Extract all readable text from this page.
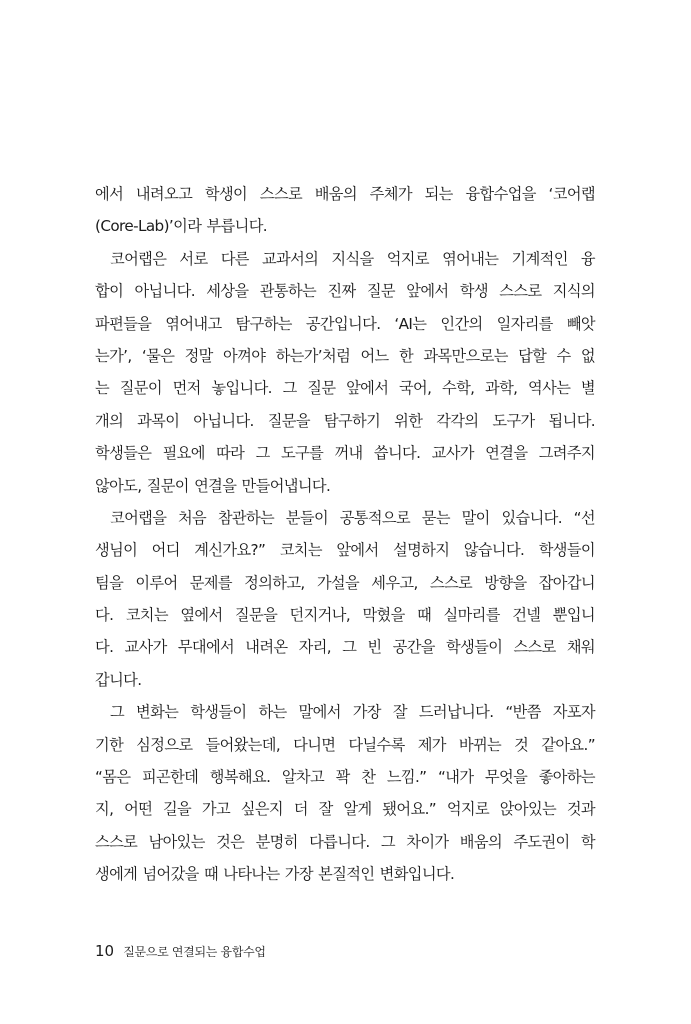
에서 내려오고 학생이 스스로 배움의 주체가 되는 융합수업을 ‘코어랩
(Core-Lab)’이라 부릅니다.
코어랩은 서로 다른 교과서의 지식을 억지로 엮어내는 기계적인 융
합이 아닙니다. 세상을 관통하는 진짜 질문 앞에서 학생 스스로 지식의
파편들을 엮어내고 탐구하는 공간입니다. ‘AI는 인간의 일자리를 빼앗
는가’, ‘물은 정말 아껴야 하는가’처럼 어느 한 과목만으로는 답할 수 없
는 질문이 먼저 놓입니다. 그 질문 앞에서 국어, 수학, 과학, 역사는 별
개의 과목이 아닙니다. 질문을 탐구하기 위한 각각의 도구가 됩니다.
학생들은 필요에 따라 그 도구를 꺼내 씁니다. 교사가 연결을 그려주지
않아도, 질문이 연결을 만들어냅니다.
코어랩을 처음 참관하는 분들이 공통적으로 묻는 말이 있습니다. “선
생님이 어디 계신가요?” 코치는 앞에서 설명하지 않습니다. 학생들이
팀을 이루어 문제를 정의하고, 가설을 세우고, 스스로 방향을 잡아갑니
다. 코치는 옆에서 질문을 던지거나, 막혔을 때 실마리를 건넬 뿐입니
다. 교사가 무대에서 내려온 자리, 그 빈 공간을 학생들이 스스로 채워
갑니다.
그 변화는 학생들이 하는 말에서 가장 잘 드러납니다. “반쯤 자포자
기한 심정으로 들어왔는데, 다니면 다닐수록 제가 바뀌는 것 같아요.”
“몸은 피곤한데 행복해요. 알차고 꽉 찬 느낌.” “내가 무엇을 좋아하는
지, 어떤 길을 가고 싶은지 더 잘 알게 됐어요.” 억지로 앉아있는 것과
스스로 남아있는 것은 분명히 다릅니다. 그 차이가 배움의 주도권이 학
생에게 넘어갔을 때 나타나는 가장 본질적인 변화입니다.
10 질문으로 연결되는 융합수업
